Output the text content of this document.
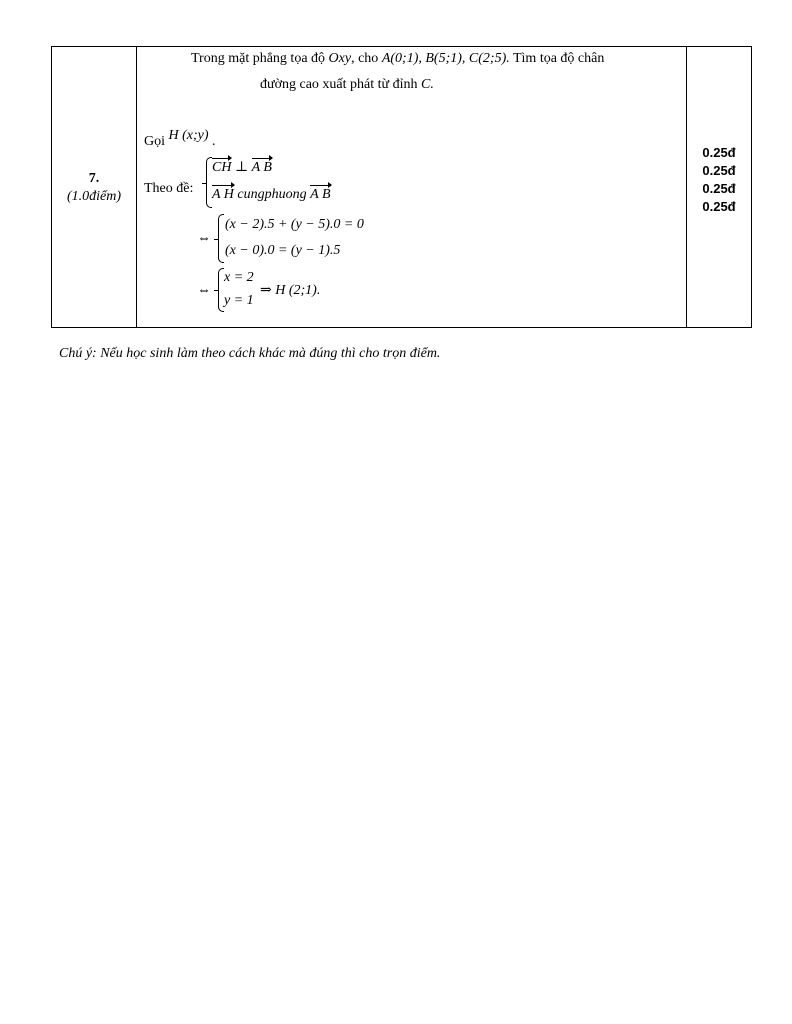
7.
(1.0điểm)
Trong mặt phẳng tọa độ Oxy, cho A(0;1), B(5;1), C(2;5). Tìm tọa độ chân
đường cao xuất phát từ đỉnh C.
Gọi H (x;y) .
Theo đề:
CH ⊥ A B
A H cungphuong A B
⇔
(x − 2).5 + (y − 5).0 = 0
(x − 0).0 = (y − 1).5
⇔
x = 2
y = 1
⇒ H (2;1).
0.25đ
0.25đ
0.25đ
0.25đ
Chú ý: Nếu học sinh làm theo cách khác mà đúng thì cho trọn điểm.
